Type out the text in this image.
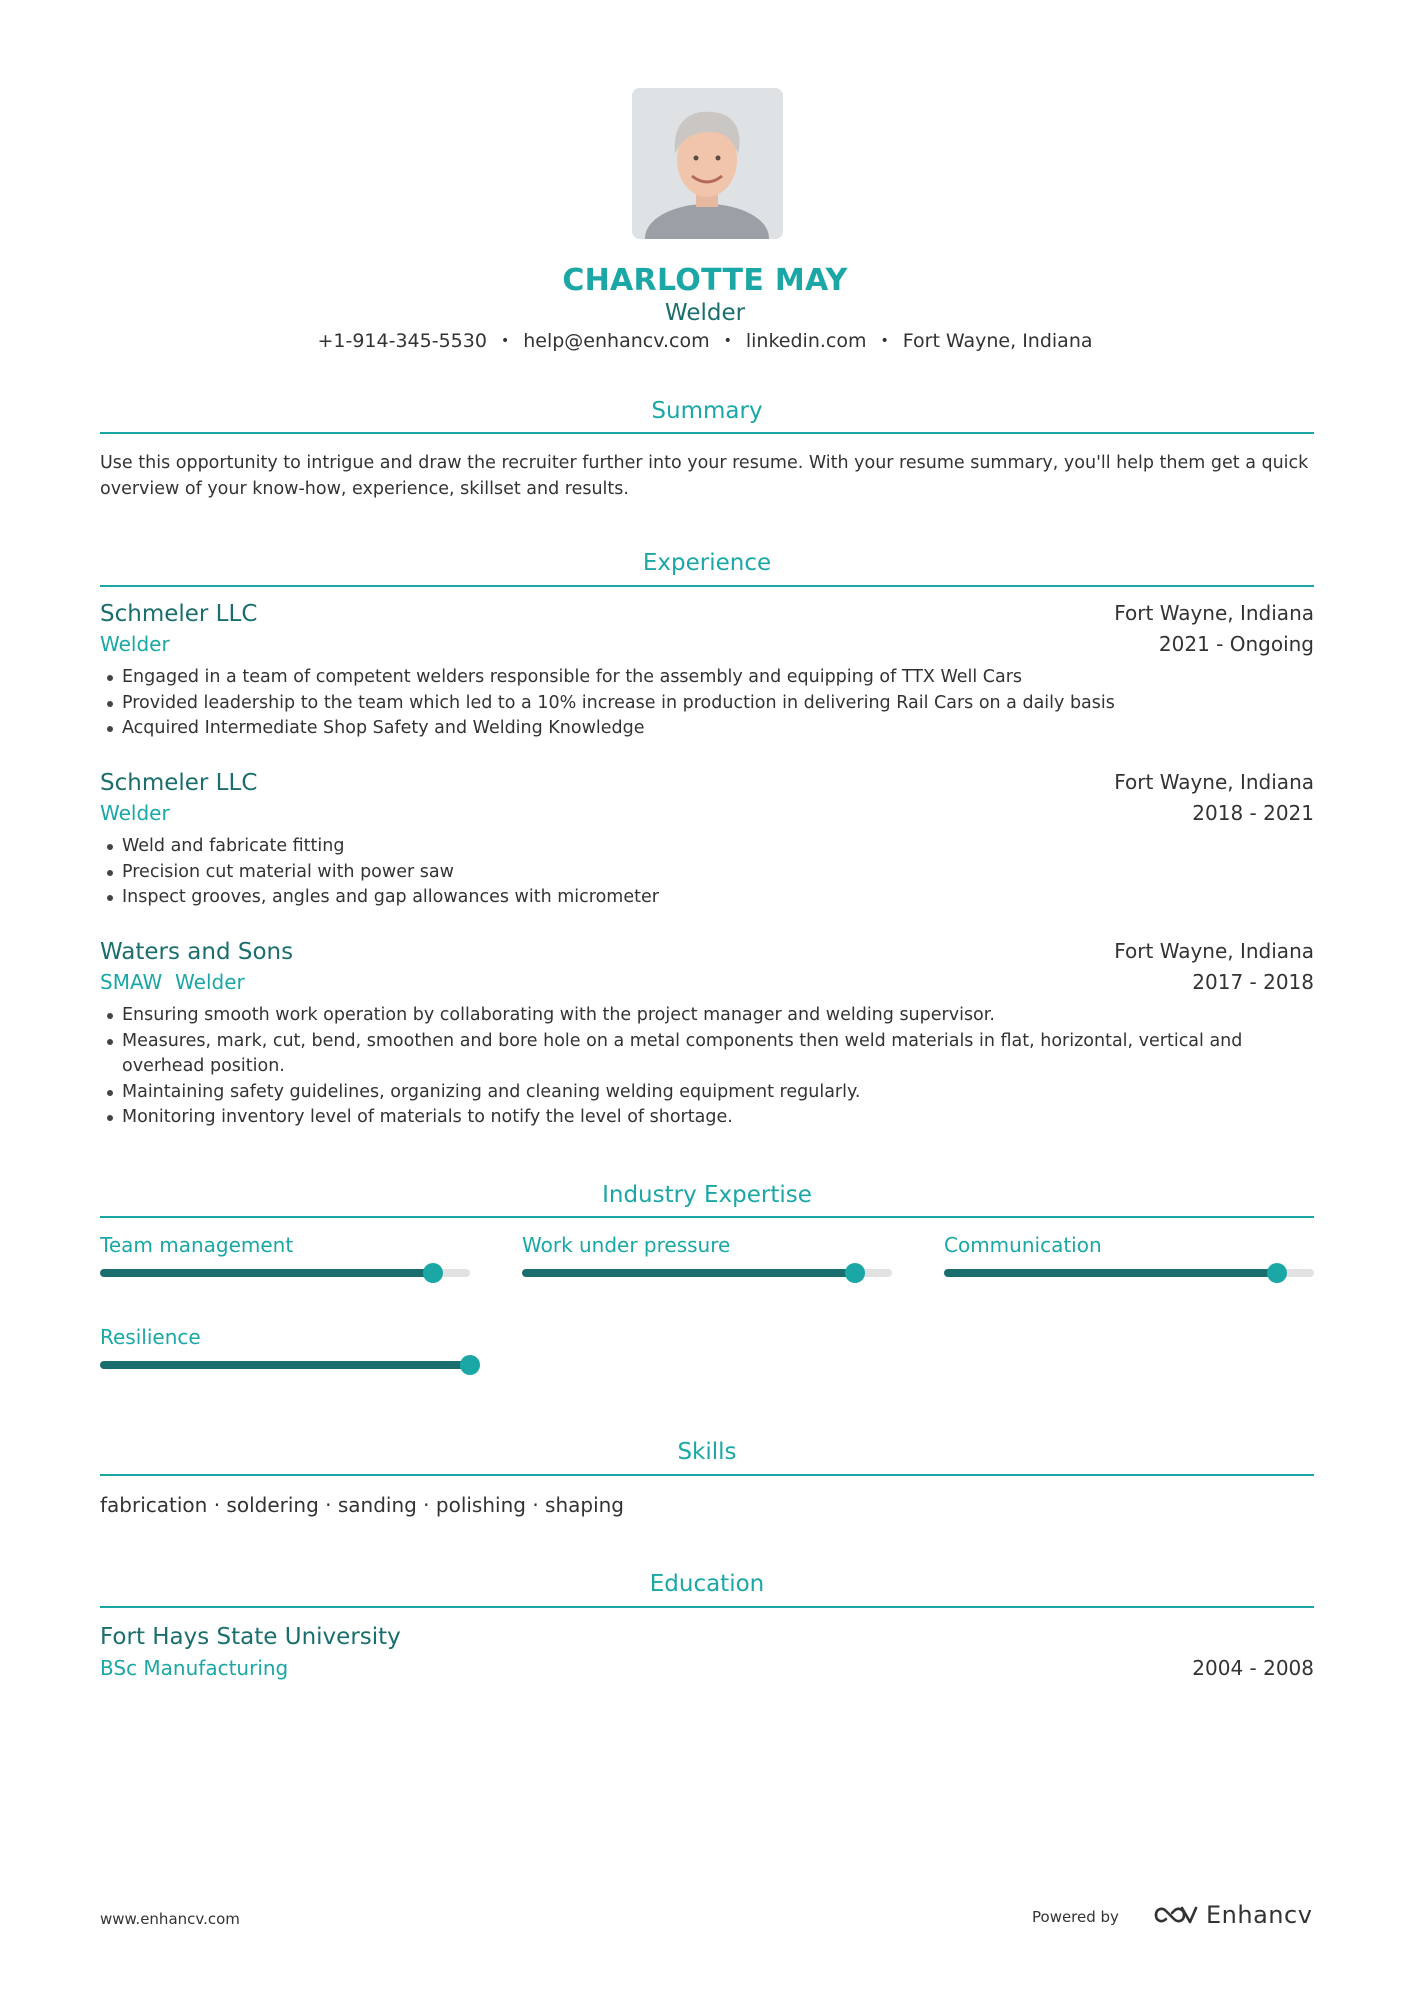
CHARLOTTE MAY
Welder
+1-914-345-5530 • help@enhancv.com • linkedin.com • Fort Wayne, Indiana
Summary
Use this opportunity to intrigue and draw the recruiter further into your resume. With your resume summary, you'll help them get a quick overview of your know-how, experience, skillset and results.
Experience
Schmeler LLC	Fort Wayne, Indiana
Welder	2021 - Ongoing
Engaged in a team of competent welders responsible for the assembly and equipping of TTX Well Cars
Provided leadership to the team which led to a 10% increase in production in delivering Rail Cars on a daily basis
Acquired Intermediate Shop Safety and Welding Knowledge
Schmeler LLC	Fort Wayne, Indiana
Welder	2018 - 2021
Weld and fabricate fitting
Precision cut material with power saw
Inspect grooves, angles and gap allowances with micrometer
Waters and Sons	Fort Wayne, Indiana
SMAW  Welder	2017 - 2018
Ensuring smooth work operation by collaborating with the project manager and welding supervisor.
Measures, mark, cut, bend, smoothen and bore hole on a metal components then weld materials in flat, horizontal, vertical and overhead position.
Maintaining safety guidelines, organizing and cleaning welding equipment regularly.
Monitoring inventory level of materials to notify the level of shortage.
Industry Expertise
Team management	Work under pressure	Communication
Resilience
Skills
fabrication · soldering · sanding · polishing · shaping
Education
Fort Hays State University
BSc Manufacturing	2004 - 2008
www.enhancv.com	Powered by	Enhancv
